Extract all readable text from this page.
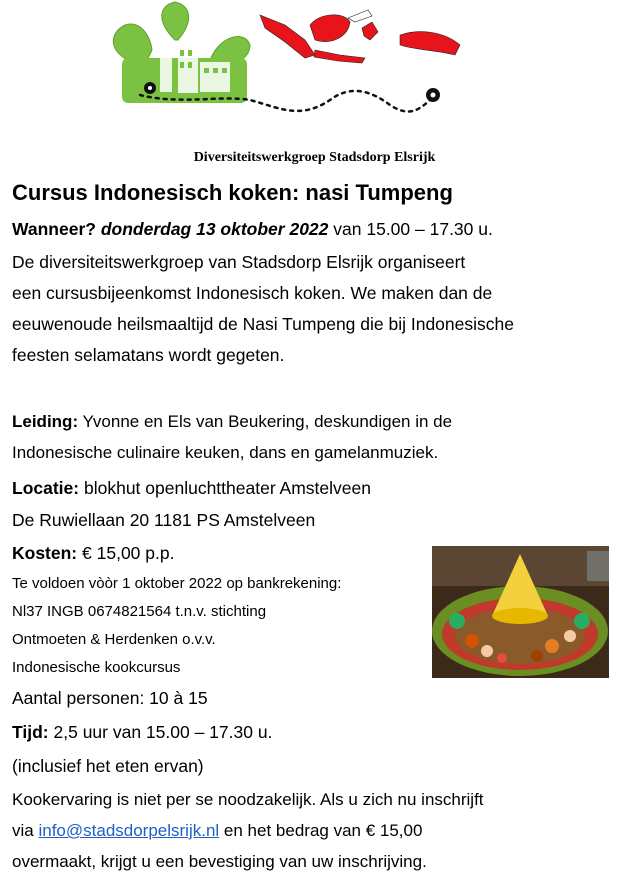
Diversiteitswerkgroep Stadsdorp Elsrijk
Cursus Indonesisch koken: nasi Tumpeng
Wanneer? donderdag 13 oktober 2022 van 15.00 – 17.30 u.
De diversiteitswerkgroep van Stadsdorp Elsrijk organiseert
een cursusbijeenkomst Indonesisch koken. We maken dan de
eeuwenoude heilsmaaltijd de Nasi Tumpeng die bij Indonesische
feesten selamatans wordt gegeten.
Leiding: Yvonne en Els van Beukering, deskundigen in de
Indonesische culinaire keuken, dans en gamelanmuziek.
Locatie: blokhut openluchttheater Amstelveen
De Ruwiellaan 20 1181 PS Amstelveen
Kosten: € 15,00 p.p.
Te voldoen vòòr 1 oktober 2022 op bankrekening:
Nl37 INGB 0674821564 t.n.v. stichting
Ontmoeten & Herdenken o.v.v.
Indonesische kookcursus
Aantal personen: 10 à 15
Tijd: 2,5 uur van 15.00 – 17.30 u.
(inclusief het eten ervan)
Kookervaring is niet per se noodzakelijk. Als u zich nu inschrijft
via info@stadsdorpelsrijk.nl en het bedrag van € 15,00
overmaakt, krijgt u een bevestiging van uw inschrijving.
